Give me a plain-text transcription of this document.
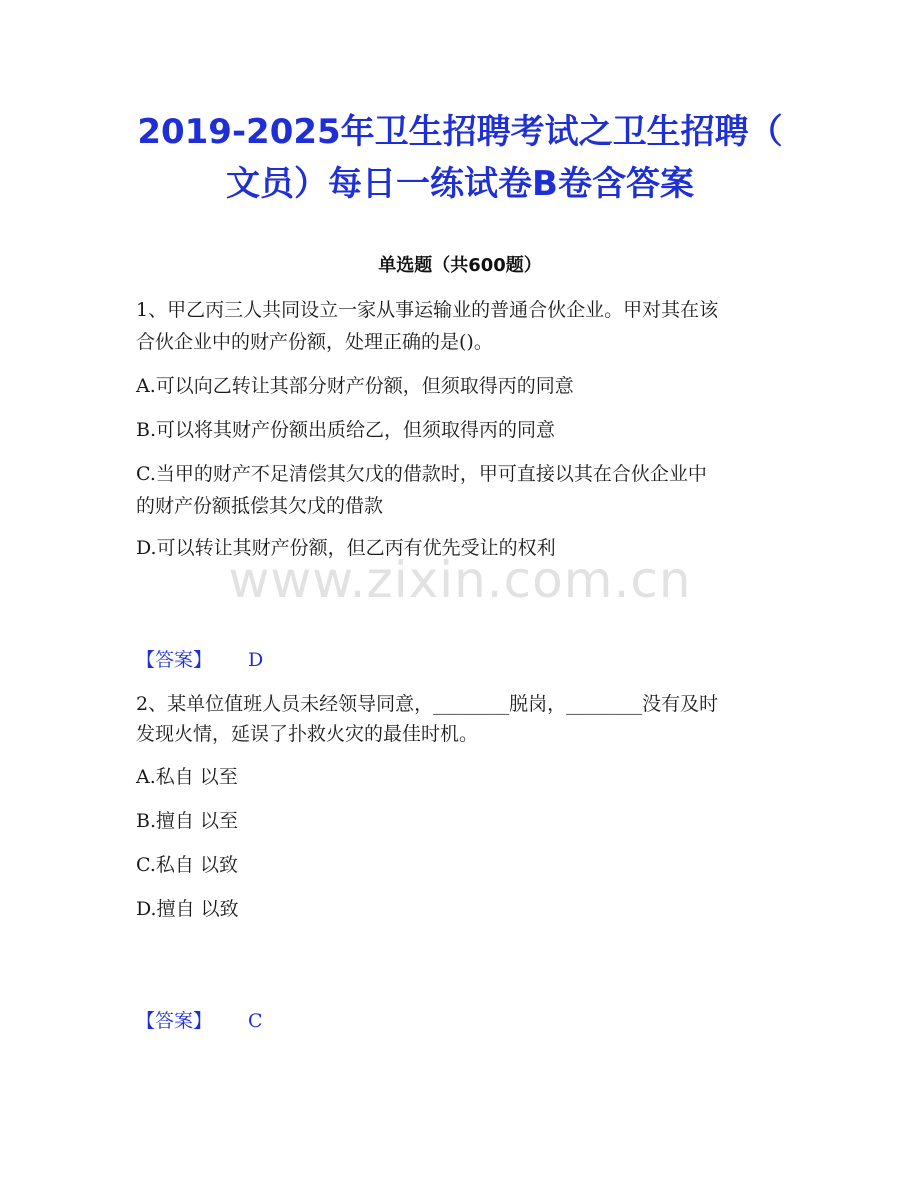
2019-2025年卫生招聘考试之卫生招聘（
文员）每日一练试卷B卷含答案
单选题（共600题）

1、甲乙丙三人共同设立一家从事运输业的普通合伙企业。甲对其在该

合伙企业中的财产份额，处理正确的是()。

A.可以向乙转让其部分财产份额，但须取得丙的同意

B.可以将其财产份额出质给乙，但须取得丙的同意

C.当甲的财产不足清偿其欠戊的借款时，甲可直接以其在合伙企业中

的财产份额抵偿其欠戊的借款

D.可以转让其财产份额，但乙丙有优先受让的权利

www.zixin.com.cn
【答案】 D

2、某单位值班人员未经领导同意，________脱岗，________没有及时

发现火情，延误了扑救火灾的最佳时机。

A.私自 以至

B.擅自 以至

C.私自 以致

D.擅自 以致

【答案】 C
